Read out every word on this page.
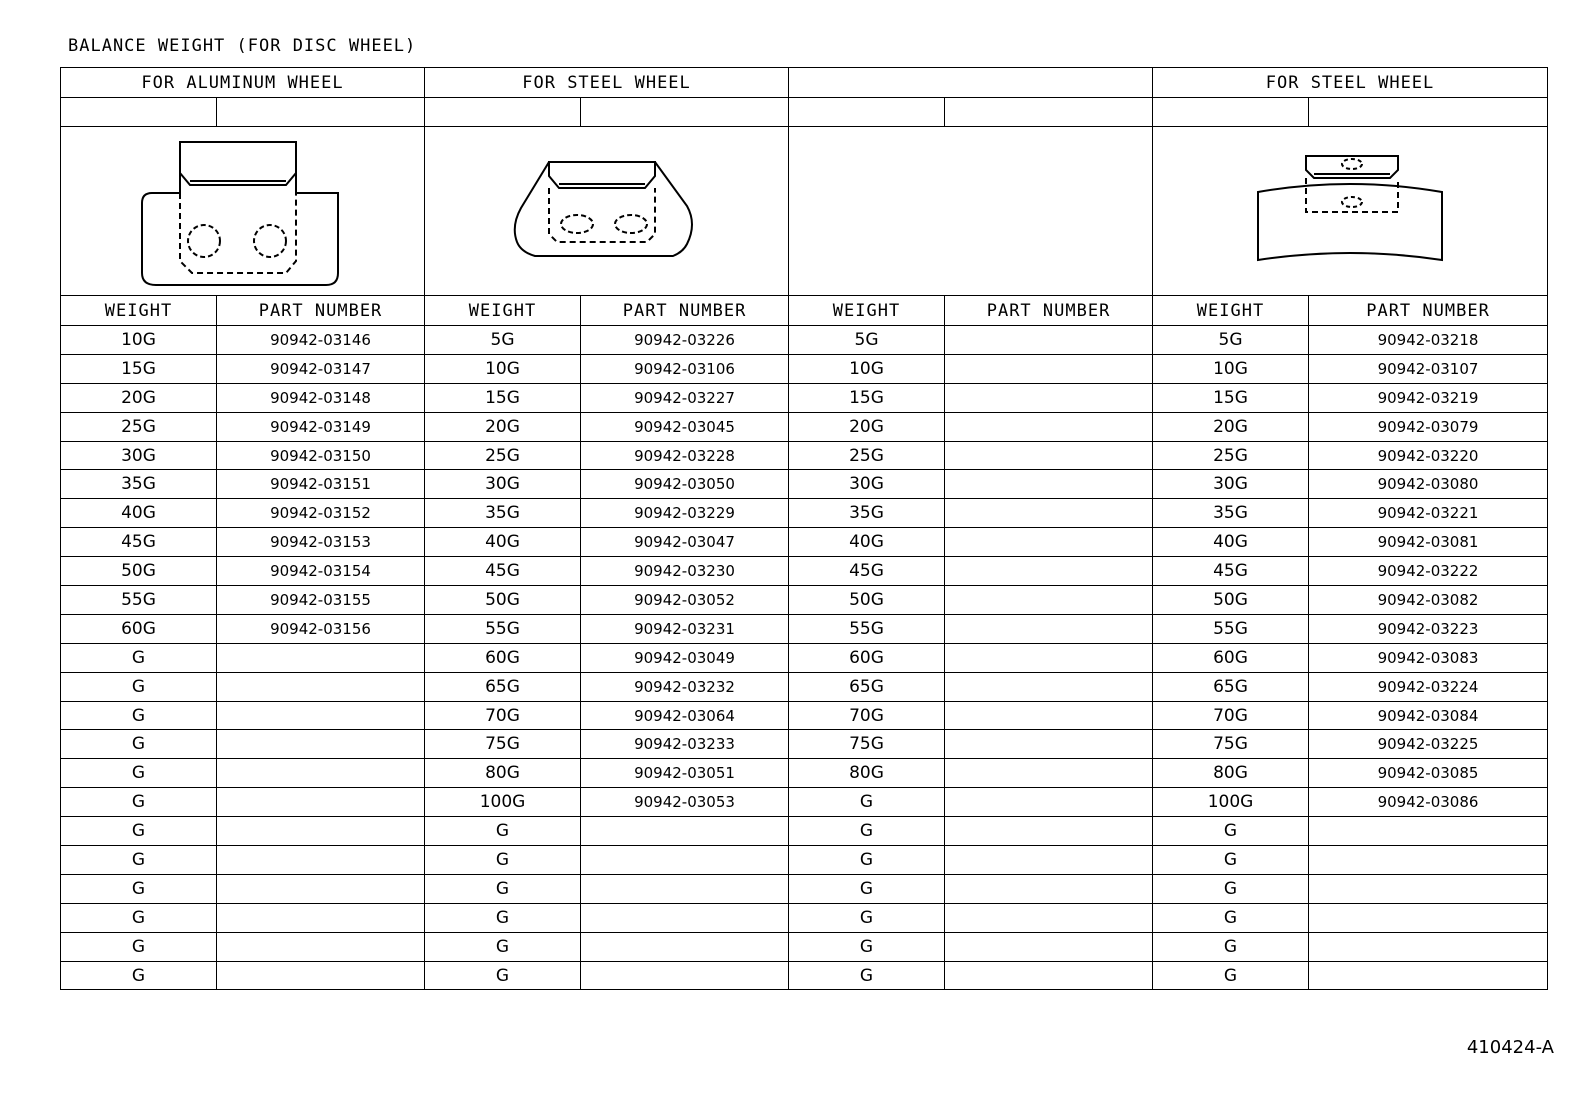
BALANCE WEIGHT (FOR DISC WHEEL)
FOR ALUMINUM WHEEL		FOR STEEL WHEEL				FOR STEEL WHEEL	

WEIGHT	PART NUMBER	WEIGHT	PART NUMBER	WEIGHT	PART NUMBER	WEIGHT	PART NUMBER
10G	90942-03146	5G	90942-03226	5G		5G	90942-03218
15G	90942-03147	10G	90942-03106	10G		10G	90942-03107
20G	90942-03148	15G	90942-03227	15G		15G	90942-03219
25G	90942-03149	20G	90942-03045	20G		20G	90942-03079
30G	90942-03150	25G	90942-03228	25G		25G	90942-03220
35G	90942-03151	30G	90942-03050	30G		30G	90942-03080
40G	90942-03152	35G	90942-03229	35G		35G	90942-03221
45G	90942-03153	40G	90942-03047	40G		40G	90942-03081
50G	90942-03154	45G	90942-03230	45G		45G	90942-03222
55G	90942-03155	50G	90942-03052	50G		50G	90942-03082
60G	90942-03156	55G	90942-03231	55G		55G	90942-03223
G		60G	90942-03049	60G		60G	90942-03083
G		65G	90942-03232	65G		65G	90942-03224
G		70G	90942-03064	70G		70G	90942-03084
G		75G	90942-03233	75G		75G	90942-03225
G		80G	90942-03051	80G		80G	90942-03085
G		100G	90942-03053	G		100G	90942-03086
G		G		G		G	
G		G		G		G	
G		G		G		G	
G		G		G		G	
G		G		G		G	
G		G		G		G	
410424-A
